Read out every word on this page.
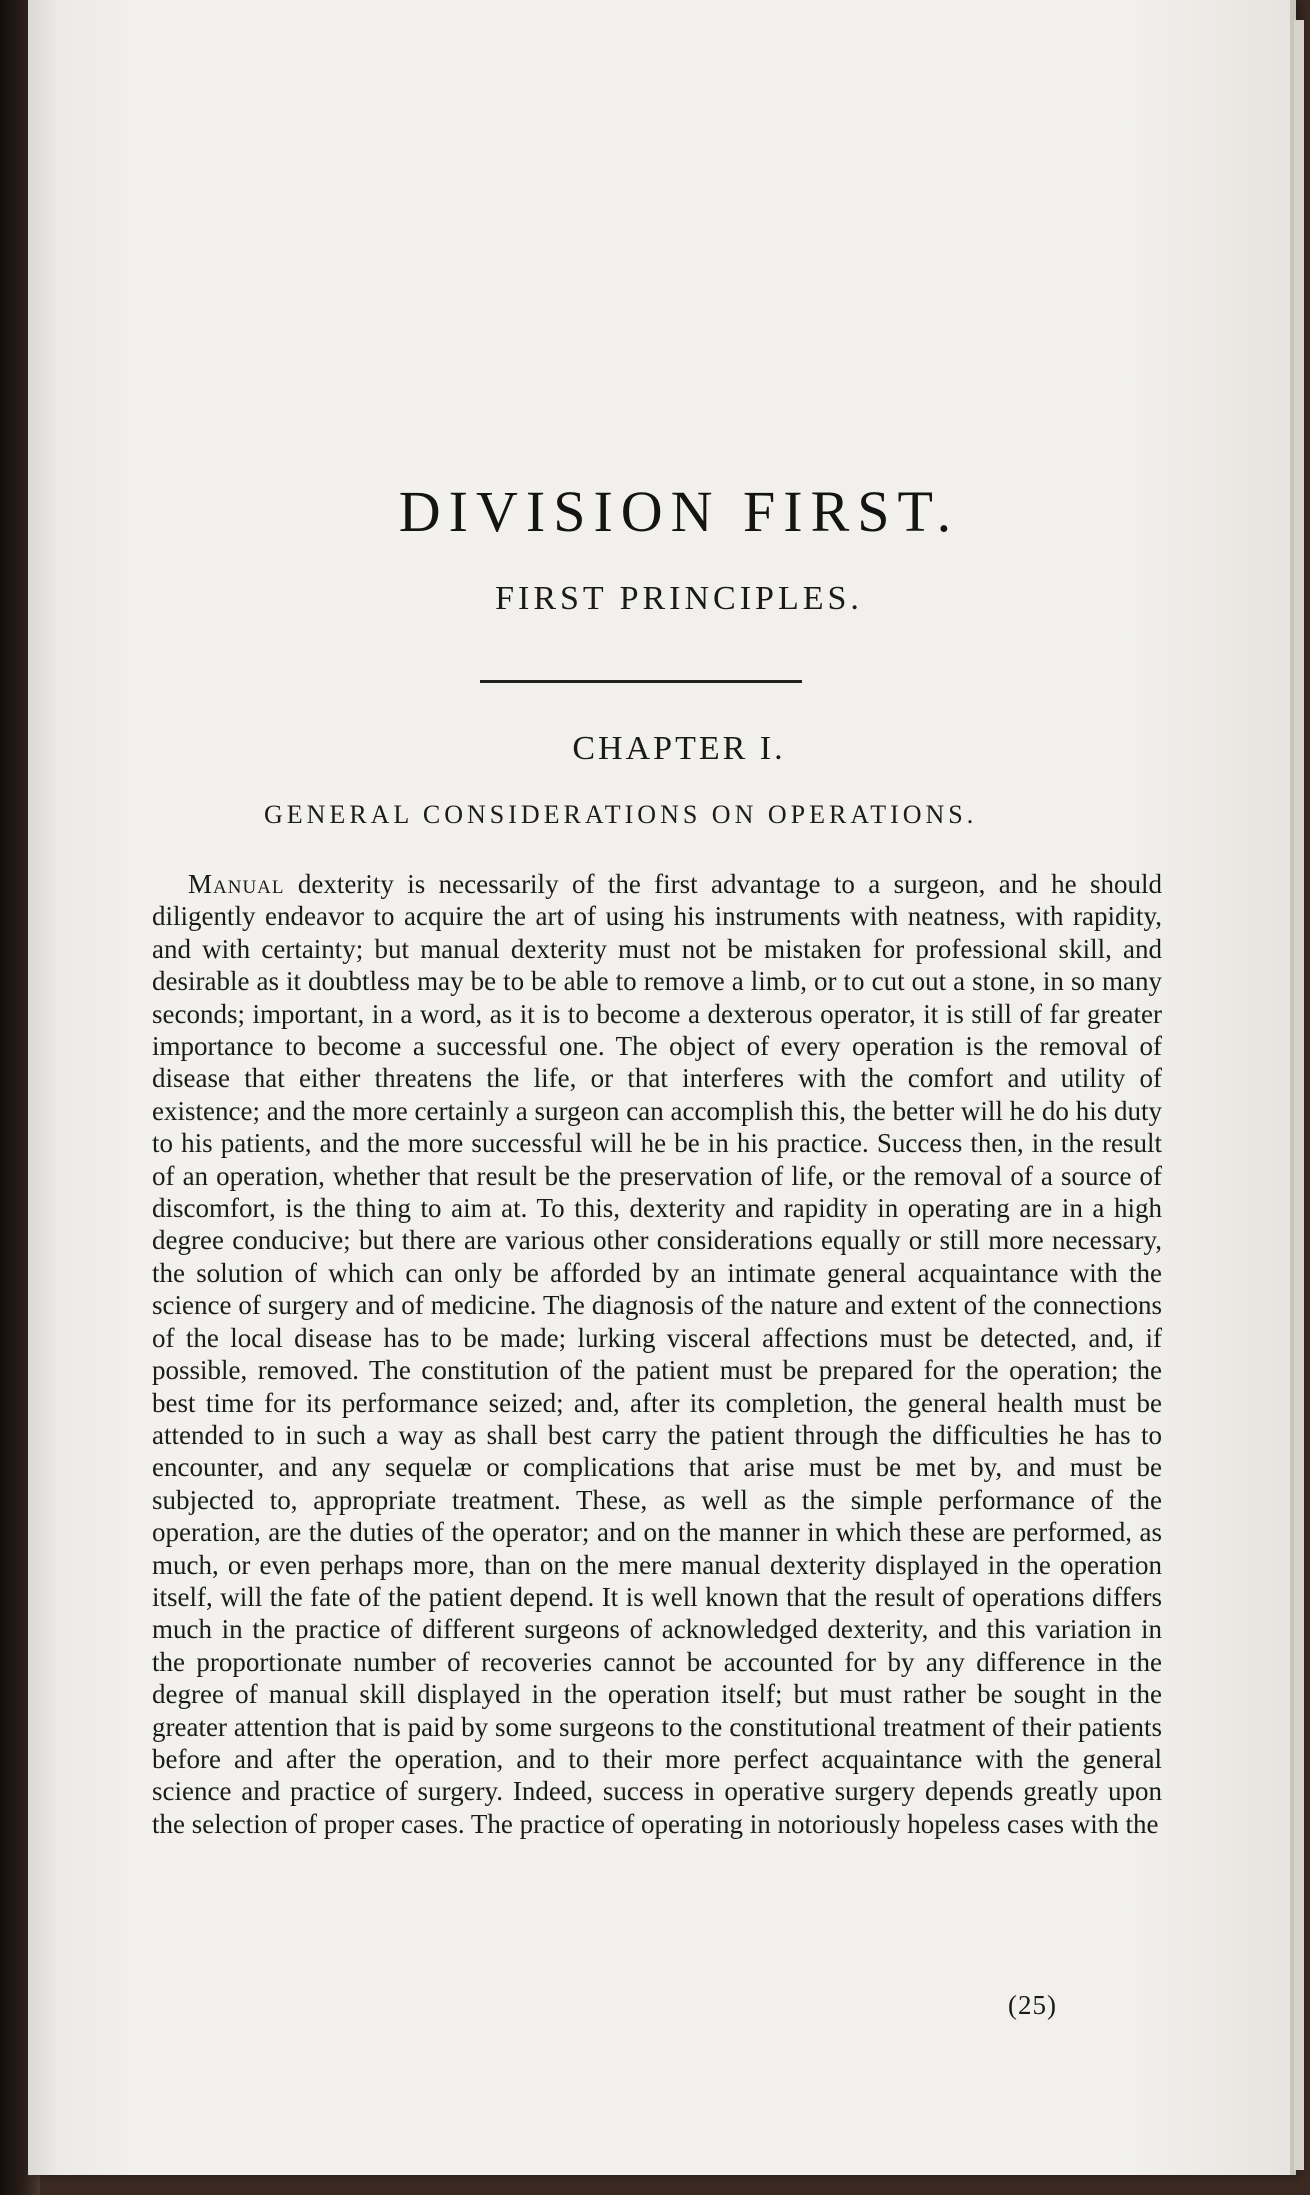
DIVISION FIRST.
FIRST PRINCIPLES.
CHAPTER I.
GENERAL CONSIDERATIONS ON OPERATIONS.

Manual dexterity is necessarily of the first advantage to a surgeon, and he should diligently endeavor to acquire the art of using his instruments with neatness, with rapidity, and with certainty; but manual dexterity must not be mistaken for professional skill, and desirable as it doubtless may be to be able to remove a limb, or to cut out a stone, in so many seconds; important, in a word, as it is to become a dexterous operator, it is still of far greater importance to become a successful one. The object of every operation is the removal of disease that either threatens the life, or that interferes with the comfort and utility of existence; and the more certainly a surgeon can accomplish this, the better will he do his duty to his patients, and the more successful will he be in his practice. Success then, in the result of an operation, whether that result be the preservation of life, or the removal of a source of discomfort, is the thing to aim at. To this, dexterity and rapidity in operating are in a high degree conducive; but there are various other considerations equally or still more necessary, the solution of which can only be afforded by an intimate general acquaintance with the science of surgery and of medicine. The diagnosis of the nature and extent of the connections of the local disease has to be made; lurking visceral affections must be detected, and, if possible, removed. The constitution of the patient must be prepared for the operation; the best time for its performance seized; and, after its completion, the general health must be attended to in such a way as shall best carry the patient through the difficulties he has to encounter, and any sequelæ or complications that arise must be met by, and must be subjected to, appropriate treatment. These, as well as the simple performance of the operation, are the duties of the operator; and on the manner in which these are performed, as much, or even perhaps more, than on the mere manual dexterity displayed in the operation itself, will the fate of the patient depend. It is well known that the result of operations differs much in the practice of different surgeons of acknowledged dexterity, and this variation in the proportionate number of recoveries cannot be accounted for by any difference in the degree of manual skill displayed in the operation itself; but must rather be sought in the greater attention that is paid by some surgeons to the constitutional treatment of their patients before and after the operation, and to their more perfect acquaintance with the general science and practice of surgery. Indeed, success in operative surgery depends greatly upon the selection of proper cases. The practice of operating in notoriously hopeless cases with the

(25)
